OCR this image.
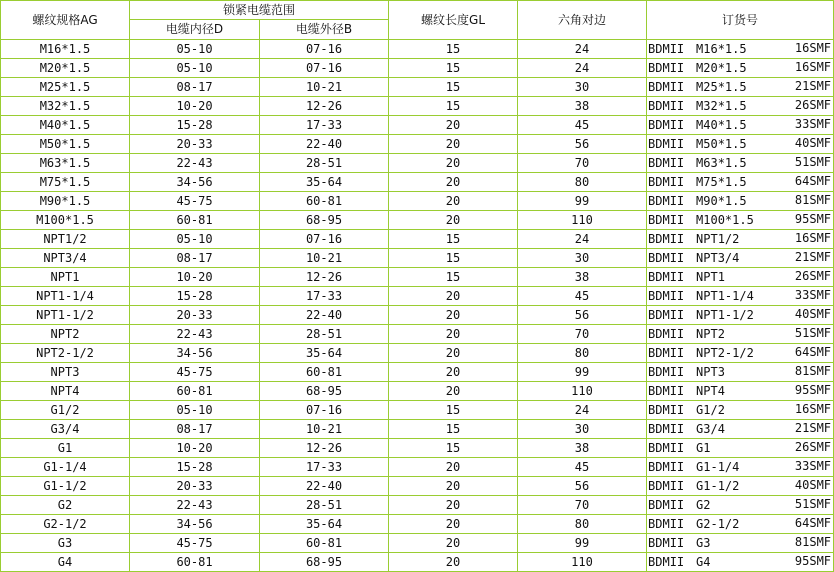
螺纹规格AG	锁紧电缆范围		螺纹长度GL	六角对边	订货号
	电缆内径D	电缆外径B			
M16*1.5	05-10	07-16	15	24	BDMII M16*1.5 16SMF

M20*1.5	05-10	07-16	15	24	BDMII M20*1.5 16SMF

M25*1.5	08-17	10-21	15	30	BDMII M25*1.5 21SMF

M32*1.5	10-20	12-26	15	38	BDMII M32*1.5 26SMF

M40*1.5	15-28	17-33	20	45	BDMII M40*1.5 33SMF

M50*1.5	20-33	22-40	20	56	BDMII M50*1.5 40SMF

M63*1.5	22-43	28-51	20	70	BDMII M63*1.5 51SMF

M75*1.5	34-56	35-64	20	80	BDMII M75*1.5 64SMF

M90*1.5	45-75	60-81	20	99	BDMII M90*1.5 81SMF

M100*1.5	60-81	68-95	20	110	BDMII M100*1.5 95SMF

NPT1/2	05-10	07-16	15	24	BDMII NPT1/2 16SMF

NPT3/4	08-17	10-21	15	30	BDMII NPT3/4 21SMF

NPT1	10-20	12-26	15	38	BDMII NPT1 26SMF

NPT1-1/4	15-28	17-33	20	45	BDMII NPT1-1/4 33SMF

NPT1-1/2	20-33	22-40	20	56	BDMII NPT1-1/2 40SMF

NPT2	22-43	28-51	20	70	BDMII NPT2 51SMF

NPT2-1/2	34-56	35-64	20	80	BDMII NPT2-1/2 64SMF

NPT3	45-75	60-81	20	99	BDMII NPT3 81SMF

NPT4	60-81	68-95	20	110	BDMII NPT4 95SMF

G1/2	05-10	07-16	15	24	BDMII G1/2 16SMF

G3/4	08-17	10-21	15	30	BDMII G3/4 21SMF

G1	10-20	12-26	15	38	BDMII G1 26SMF

G1-1/4	15-28	17-33	20	45	BDMII G1-1/4 33SMF

G1-1/2	20-33	22-40	20	56	BDMII G1-1/2 40SMF

G2	22-43	28-51	20	70	BDMII G2 51SMF

G2-1/2	34-56	35-64	20	80	BDMII G2-1/2 64SMF

G3	45-75	60-81	20	99	BDMII G3 81SMF

G4	60-81	68-95	20	110	BDMII G4 95SMF
